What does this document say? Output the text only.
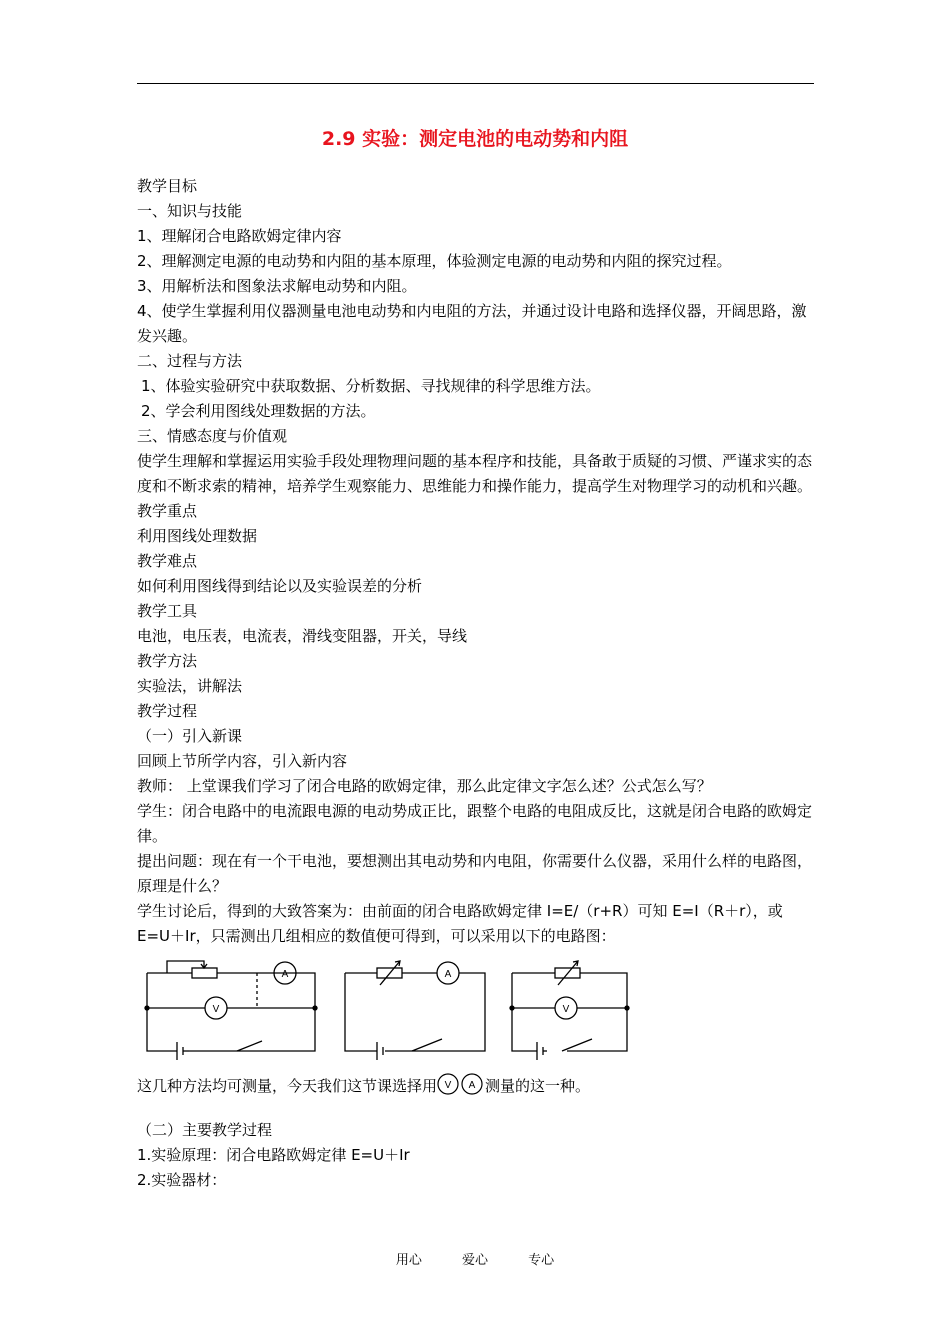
2.9 实验：测定电池的电动势和内阻
教学目标
一、知识与技能
1、理解闭合电路欧姆定律内容
2、理解测定电源的电动势和内阻的基本原理，体验测定电源的电动势和内阻的探究过程。
3、用解析法和图象法求解电动势和内阻。
4、使学生掌握利用仪器测量电池电动势和内电阻的方法，并通过设计电路和选择仪器，开阔思路，激发兴趣。
二、过程与方法
1、体验实验研究中获取数据、分析数据、寻找规律的科学思维方法。
2、学会利用图线处理数据的方法。
三、情感态度与价值观
使学生理解和掌握运用实验手段处理物理问题的基本程序和技能，具备敢于质疑的习惯、严谨求实的态度和不断求索的精神，培养学生观察能力、思维能力和操作能力，提高学生对物理学习的动机和兴趣。
教学重点
利用图线处理数据
教学难点
如何利用图线得到结论以及实验误差的分析
教学工具
电池，电压表，电流表，滑线变阻器，开关，导线
教学方法
实验法，讲解法
教学过程
（一）引入新课
回顾上节所学内容，引入新内容
教师： 上堂课我们学习了闭合电路的欧姆定律，那么此定律文字怎么述？公式怎么写？
学生：闭合电路中的电流跟电源的电动势成正比，跟整个电路的电阻成反比，这就是闭合电路的欧姆定律。
提出问题：现在有一个干电池，要想测出其电动势和内电阻，你需要什么仪器，采用什么样的电路图，原理是什么？
学生讨论后，得到的大致答案为：由前面的闭合电路欧姆定律 I=E/（r+R）可知 E=I（R＋r），或 E=U＋Ir，只需测出几组相应的数值便可得到，可以采用以下的电路图：
V
A	A
V
这几种方法均可测量，今天我们这节课选择用 V A 测量的这一种。
（二）主要教学过程
1.实验原理：闭合电路欧姆定律 E=U＋Ir
2.实验器材：
用心	爱心	专心
